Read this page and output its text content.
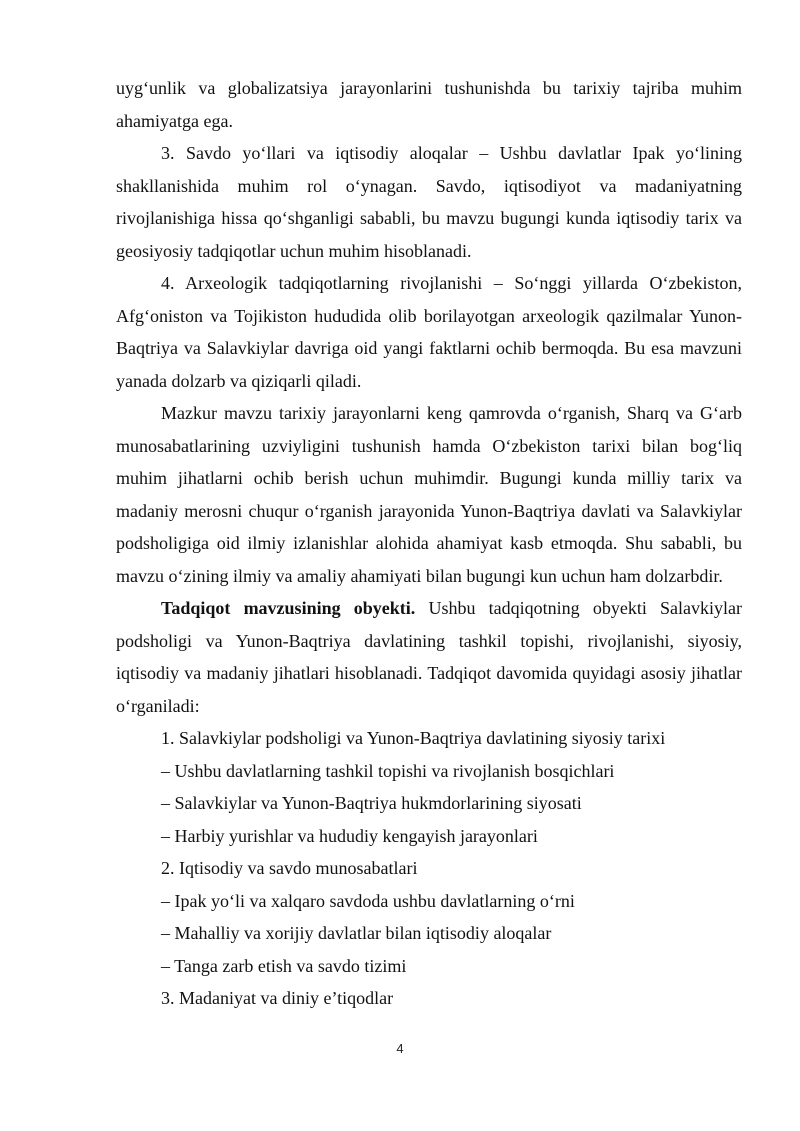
uyg‘unlik va globalizatsiya jarayonlarini tushunishda bu tarixiy tajriba muhim ahamiyatga ega.

3. Savdo yo‘llari va iqtisodiy aloqalar – Ushbu davlatlar Ipak yo‘lining shakllanishida muhim rol o‘ynagan. Savdo, iqtisodiyot va madaniyatning rivojlanishiga hissa qo‘shganligi sababli, bu mavzu bugungi kunda iqtisodiy tarix va geosiyosiy tadqiqotlar uchun muhim hisoblanadi.

4. Arxeologik tadqiqotlarning rivojlanishi – So‘nggi yillarda O‘zbekiston, Afg‘oniston va Tojikiston hududida olib borilayotgan arxeologik qazilmalar Yunon-Baqtriya va Salavkiylar davriga oid yangi faktlarni ochib bermoqda. Bu esa mavzuni yanada dolzarb va qiziqarli qiladi.

Mazkur mavzu tarixiy jarayonlarni keng qamrovda o‘rganish, Sharq va G‘arb munosabatlarining uzviyligini tushunish hamda O‘zbekiston tarixi bilan bog‘liq muhim jihatlarni ochib berish uchun muhimdir. Bugungi kunda milliy tarix va madaniy merosni chuqur o‘rganish jarayonida Yunon-Baqtriya davlati va Salavkiylar podsholigiga oid ilmiy izlanishlar alohida ahamiyat kasb etmoqda. Shu sababli, bu mavzu o‘zining ilmiy va amaliy ahamiyati bilan bugungi kun uchun ham dolzarbdir.

Tadqiqot mavzusining obyekti. Ushbu tadqiqotning obyekti Salavkiylar podsholigi va Yunon-Baqtriya davlatining tashkil topishi, rivojlanishi, siyosiy, iqtisodiy va madaniy jihatlari hisoblanadi. Tadqiqot davomida quyidagi asosiy jihatlar o‘rganiladi:

1. Salavkiylar podsholigi va Yunon-Baqtriya davlatining siyosiy tarixi

– Ushbu davlatlarning tashkil topishi va rivojlanish bosqichlari

– Salavkiylar va Yunon-Baqtriya hukmdorlarining siyosati

– Harbiy yurishlar va hududiy kengayish jarayonlari

2. Iqtisodiy va savdo munosabatlari

– Ipak yo‘li va xalqaro savdoda ushbu davlatlarning o‘rni

– Mahalliy va xorijiy davlatlar bilan iqtisodiy aloqalar

– Tanga zarb etish va savdo tizimi

3. Madaniyat va diniy e’tiqodlar

4
